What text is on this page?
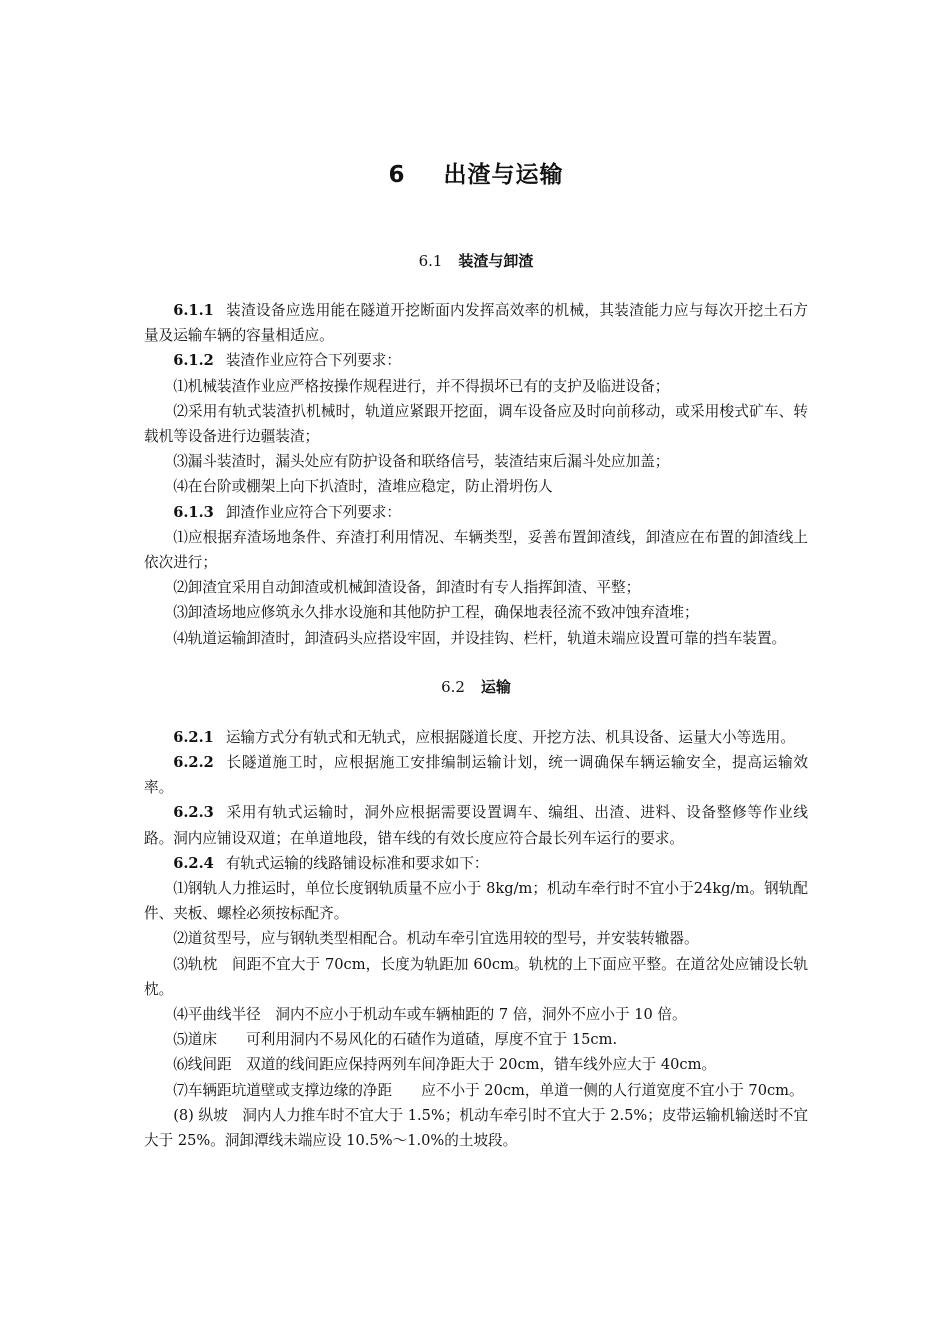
6 出渣与运输
6.1 装渣与卸渣

6.1.1 装渣设备应选用能在隧道开挖断面内发挥高效率的机械，其装渣能力应与每次开挖土石方量及运输车辆的容量相适应。

6.1.2 装渣作业应符合下列要求：

⑴机械装渣作业应严格按操作规程进行，并不得损坏已有的支护及临进设备；

⑵采用有轨式装渣扒机械时，轨道应紧跟开挖面，调车设备应及时向前移动，或采用梭式矿车、转载机等设备进行边疆装渣；

⑶漏斗装渣时，漏头处应有防护设备和联络信号，装渣结束后漏斗处应加盖；

⑷在台阶或棚架上向下扒渣时，渣堆应稳定，防止滑坍伤人

6.1.3 卸渣作业应符合下列要求：

⑴应根据弃渣场地条件、弃渣打利用情况、车辆类型，妥善布置卸渣线，卸渣应在布置的卸渣线上依次进行；

⑵卸渣宜采用自动卸渣或机械卸渣设备，卸渣时有专人指挥卸渣、平整；

⑶卸渣场地应修筑永久排水设施和其他防护工程，确保地表径流不致冲蚀弃渣堆；

⑷轨道运输卸渣时，卸渣码头应搭设牢固，并设挂钩、栏杆，轨道未端应设置可靠的挡车装置。

6.2 运输

6.2.1 运输方式分有轨式和无轨式，应根据隧道长度、开挖方法、机具设备、运量大小等选用。

6.2.2 长隧道施工时，应根据施工安排编制运输计划，统一调确保车辆运输安全，提高运输效率。

6.2.3 采用有轨式运输时，洞外应根据需要设置调车、编组、出渣、进料、设备整修等作业线路。洞内应铺设双道；在单道地段，错车线的有效长度应符合最长列车运行的要求。

6.2.4 有轨式运输的线路铺设标准和要求如下：

⑴钢轨人力推运时，单位长度钢轨质量不应小于 8kg/m；机动车牵行时不宜小于24kg/m。钢轨配件、夹板、螺栓必须按标配齐。

⑵道贫型号，应与钢轨类型相配合。机动车牵引宜选用较的型号，并安装转辙器。

⑶轨枕　间距不宜大于 70cm，长度为轨距加 60cm。轨枕的上下面应平整。在道岔处应铺设长轨枕。

⑷平曲线半径　洞内不应小于机动车或车辆柚距的 7 倍，洞外不应小于 10 倍。

⑸道床　　可利用洞内不易风化的石碴作为道碴，厚度不宜于 15cm.

⑹线间距　双道的线间距应保持两列车间净距大于 20cm，错车线外应大于 40cm。

⑺车辆距坑道壁或支撑边缘的净距　　应不小于 20cm，单道一侧的人行道宽度不宜小于 70cm。

(8) 纵坡　洞内人力推车时不宜大于 1.5%；机动车牵引时不宜大于 2.5%；皮带运输机输送时不宜大于 25%。洞卸潭线未端应设 10.5%～1.0%的土坡段。
